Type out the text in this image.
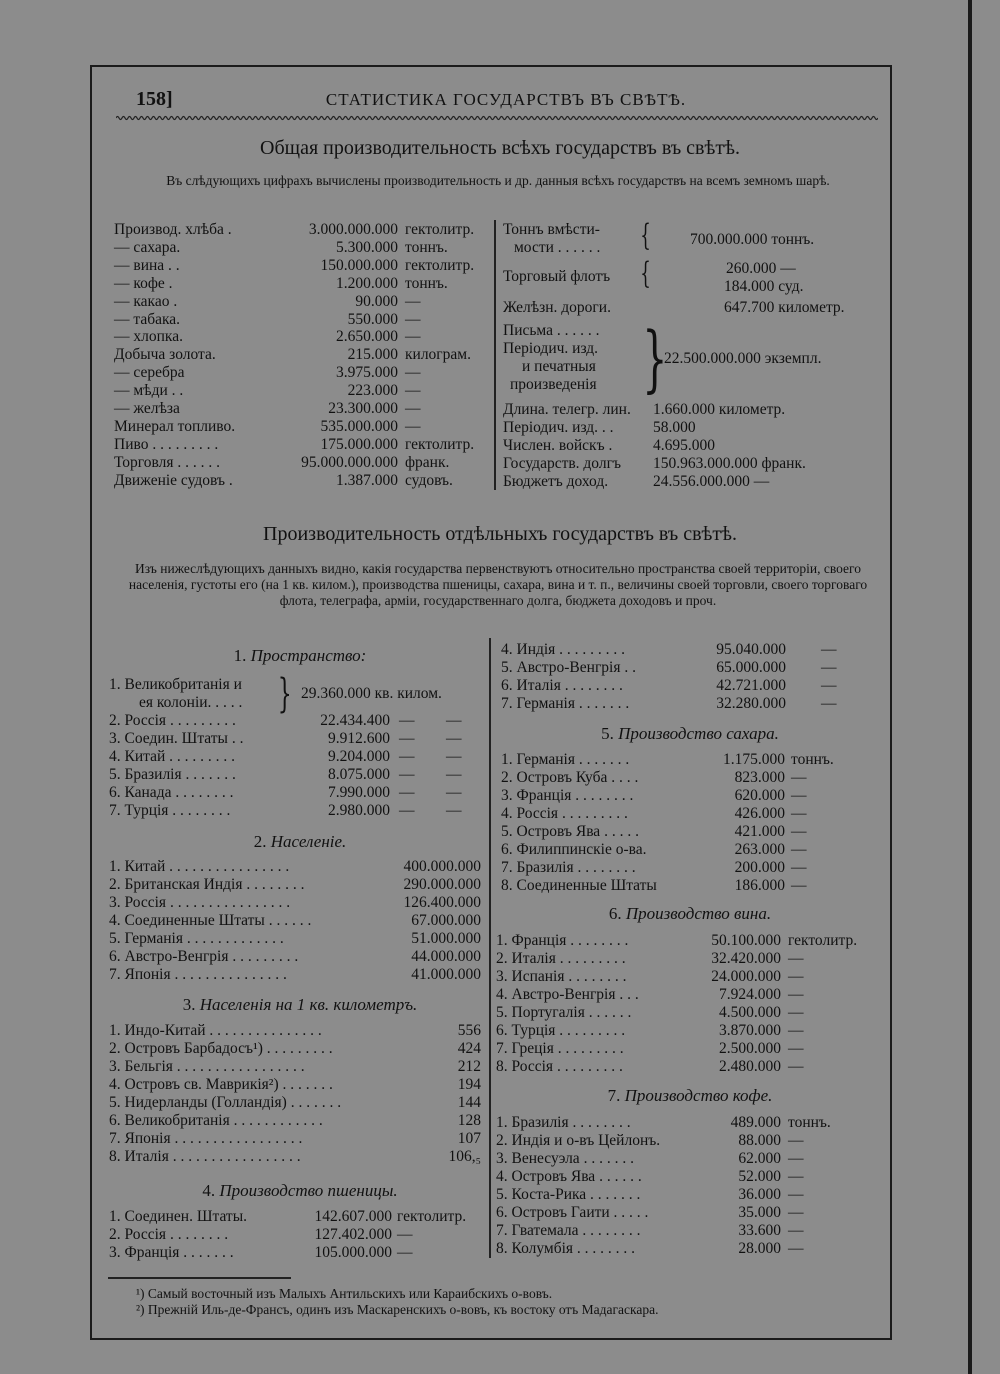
158]	СТАТИСТИКА ГОСУДАРСТВЪ ВЪ СВѢТѢ.
Общая производительность всѣхъ государствъ въ свѣтѣ.
Въ слѣдующихъ цифрахъ вычислены производительность и др. данныя всѣхъ государствъ на всемъ земномъ шарѣ.
Производ. хлѣба .	3.000.000.000 гектолитр.
— сахара.	5.300.000 тоннъ.
— вина . .	150.000.000 гектолитр.
— кофе .	1.200.000 тоннъ.
— какао .	90.000 —
— табака.	550.000 —
— хлопка.	2.650.000 —
Добыча золота.	215.000 килограм.
— серебра	3.975.000 —
— мѣди . .	223.000 —
— желѣза	23.300.000 —
Минерал топливо.	535.000.000 —
Пиво . . . . . . . . .	175.000.000 гектолитр.
Торговля . . . . . .	95.000.000.000 франк.
Движеніе судовъ .	1.387.000 судовъ.
Тоннъ вмѣсти-
мости . . . . . . {	700.000.000 тоннъ.
Торговый флотъ {	260.000 —
184.000 суд.
Желѣзн. дороги.	647.700 километр.
Письма . . . . . .
Періодич. изд.
и печатныя
произведенія }
22.500.000.000 экземпл.
Длина. телегр. лин. 1.660.000 километр.
Періодич. изд. . .	58.000
Числен. войскъ .	4.695.000
Государств. долгъ 150.963.000.000 франк.
Бюджетъ доход.	24.556.000.000 —
Производительность отдѣльныхъ государствъ въ свѣтѣ.
Изъ нижеслѣдующихъ данныхъ видно, какія государства первенствуютъ относительно пространства своей территоріи, своего населенія, густоты его (на 1 кв. килом.), производства пшеницы, сахара, вина и т. п., величины своей торговли, своего торговаго флота, телеграфа, арміи, государственнаго долга, бюджета доходовъ и проч.
1. Пространство:
1. Великобританія и
ея колоніи. . . . . } 29.360.000 кв. килом.
2. Россія . . . . . . . . .	22.434.400 — —
3. Соедин. Штаты . .	9.912.600 — —
4. Китай . . . . . . . . .	9.204.000 — —
5. Бразилія . . . . . . .	8.075.000 — —
6. Канада . . . . . . . .	7.990.000 — —
7. Турція . . . . . . . .	2.980.000 — —
2. Населеніе.
1. Китай . . . . . . . . . . . . . . . .	400.000.000
2. Британская Индія . . . . . . . .	290.000.000
3. Россія . . . . . . . . . . . . . . . .	126.400.000
4. Соединенные Штаты . . . . . .	67.000.000
5. Германія . . . . . . . . . . . . .	51.000.000
6. Австро-Венгрія . . . . . . . . .	44.000.000
7. Японія . . . . . . . . . . . . . . .	41.000.000
3. Населенія на 1 кв. километръ.
1. Индо-Китай . . . . . . . . . . . . . . .	556
2. Островъ Барбадосъ¹) . . . . . . . . .	424
3. Бельгія . . . . . . . . . . . . . . . . .	212
4. Островъ св. Маврикія²) . . . . . . .	194
5. Нидерланды (Голландія) . . . . . . .	144
6. Великобританія . . . . . . . . . . . .	128
7. Японія . . . . . . . . . . . . . . . . .	107
8. Италія . . . . . . . . . . . . . . . . .	106,₅
4. Производство пшеницы.
1. Соединен. Штаты.	142.607.000 гектолитр.
2. Россія . . . . . . . .	127.402.000 —
3. Франція . . . . . . .	105.000.000 —
4. Индія . . . . . . . . .	95.040.000 —
5. Австро-Венгрія . .	65.000.000 —
6. Италія . . . . . . . .	42.721.000 —
7. Германія . . . . . . .	32.280.000 —
5. Производство сахара.
1. Германія . . . . . . .	1.175.000 тоннъ.
2. Островъ Куба . . . .	823.000 —
3. Франція . . . . . . . .	620.000 —
4. Россія . . . . . . . . .	426.000 —
5. Островъ Ява . . . . .	421.000 —
6. Филиппинскіе о-ва.	263.000 —
7. Бразилія . . . . . . . .	200.000 —
8. Соединенные Штаты	186.000 —
6. Производство вина.
1. Франція . . . . . . . .	50.100.000 гектолитр.
2. Италія . . . . . . . . .	32.420.000 —
3. Испанія . . . . . . . .	24.000.000 —
4. Австро-Венгрія . . .	7.924.000 —
5. Португалія . . . . . .	4.500.000 —
6. Турція . . . . . . . . .	3.870.000 —
7. Греція . . . . . . . . .	2.500.000 —
8. Россія . . . . . . . . .	2.480.000 —
7. Производство кофе.
1. Бразилія . . . . . . . .	489.000 тоннъ.
2. Индія и о-въ Цейлонъ.	88.000 —
3. Венесуэла . . . . . . .	62.000 —
4. Островъ Ява . . . . . .	52.000 —
5. Коста-Рика . . . . . . .	36.000 —
6. Островъ Гаити . . . . .	35.000 —
7. Гватемала . . . . . . . .	33.600 —
8. Колумбія . . . . . . . .	28.000 —
¹) Самый восточный изъ Малыхъ Антильскихъ или Караибскихъ о-вовъ.
²) Прежній Иль-де-Франсъ, одинъ изъ Маскаренскихъ о-вовъ, къ востоку отъ Мадагаскара.
